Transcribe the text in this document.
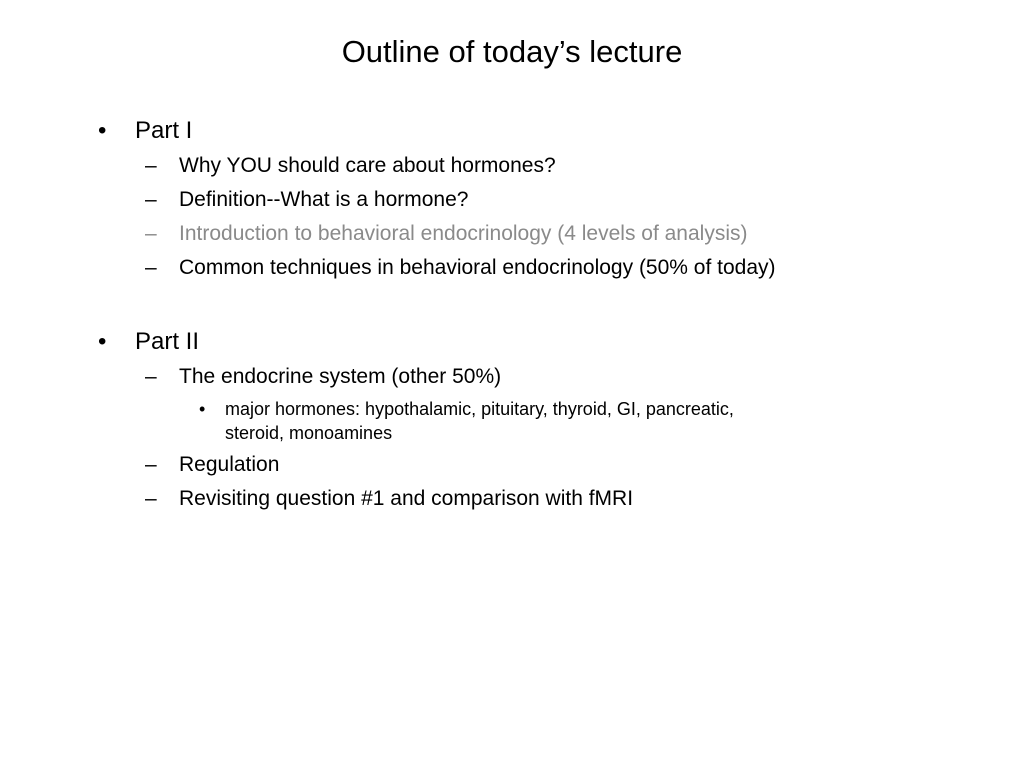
Outline of today’s lecture
• Part I
– Why YOU should care about hormones?
– Definition--What is a hormone?
– Introduction to behavioral endocrinology (4 levels of analysis)
– Common techniques in behavioral endocrinology (50% of today)
• Part II
– The endocrine system (other 50%)
• major hormones: hypothalamic, pituitary, thyroid, GI, pancreatic,
steroid, monoamines
– Regulation
– Revisiting question #1 and comparison with fMRI
